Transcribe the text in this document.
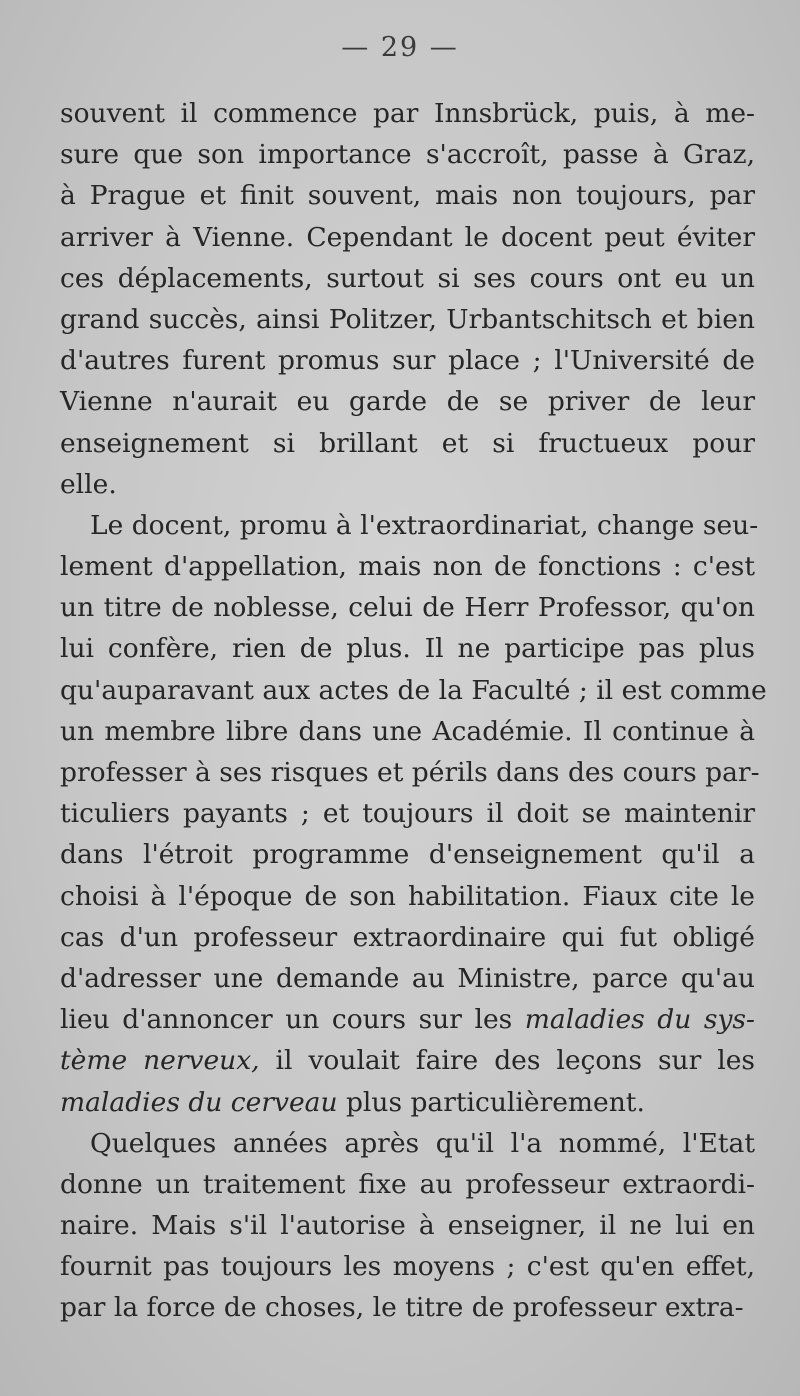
— 29 —
souvent il commence par Innsbrück, puis, à me-
sure que son importance s'accroît, passe à Graz,
à Prague et finit souvent, mais non toujours, par
arriver à Vienne. Cependant le docent peut éviter
ces déplacements, surtout si ses cours ont eu un
grand succès, ainsi Politzer, Urbantschitsch et bien
d'autres furent promus sur place ; l'Université de
Vienne n'aurait eu garde de se priver de leur
enseignement si brillant et si fructueux pour
elle.
Le docent, promu à l'extraordinariat, change seu-
lement d'appellation, mais non de fonctions : c'est
un titre de noblesse, celui de Herr Professor, qu'on
lui confère, rien de plus. Il ne participe pas plus
qu'auparavant aux actes de la Faculté ; il est comme
un membre libre dans une Académie. Il continue à
professer à ses risques et périls dans des cours par-
ticuliers payants ; et toujours il doit se maintenir
dans l'étroit programme d'enseignement qu'il a
choisi à l'époque de son habilitation. Fiaux cite le
cas d'un professeur extraordinaire qui fut obligé
d'adresser une demande au Ministre, parce qu'au
lieu d'annoncer un cours sur les maladies du sys-
tème nerveux, il voulait faire des leçons sur les
maladies du cerveau plus particulièrement.
Quelques années après qu'il l'a nommé, l'Etat
donne un traitement fixe au professeur extraordi-
naire. Mais s'il l'autorise à enseigner, il ne lui en
fournit pas toujours les moyens ; c'est qu'en effet,
par la force de choses, le titre de professeur extra-
